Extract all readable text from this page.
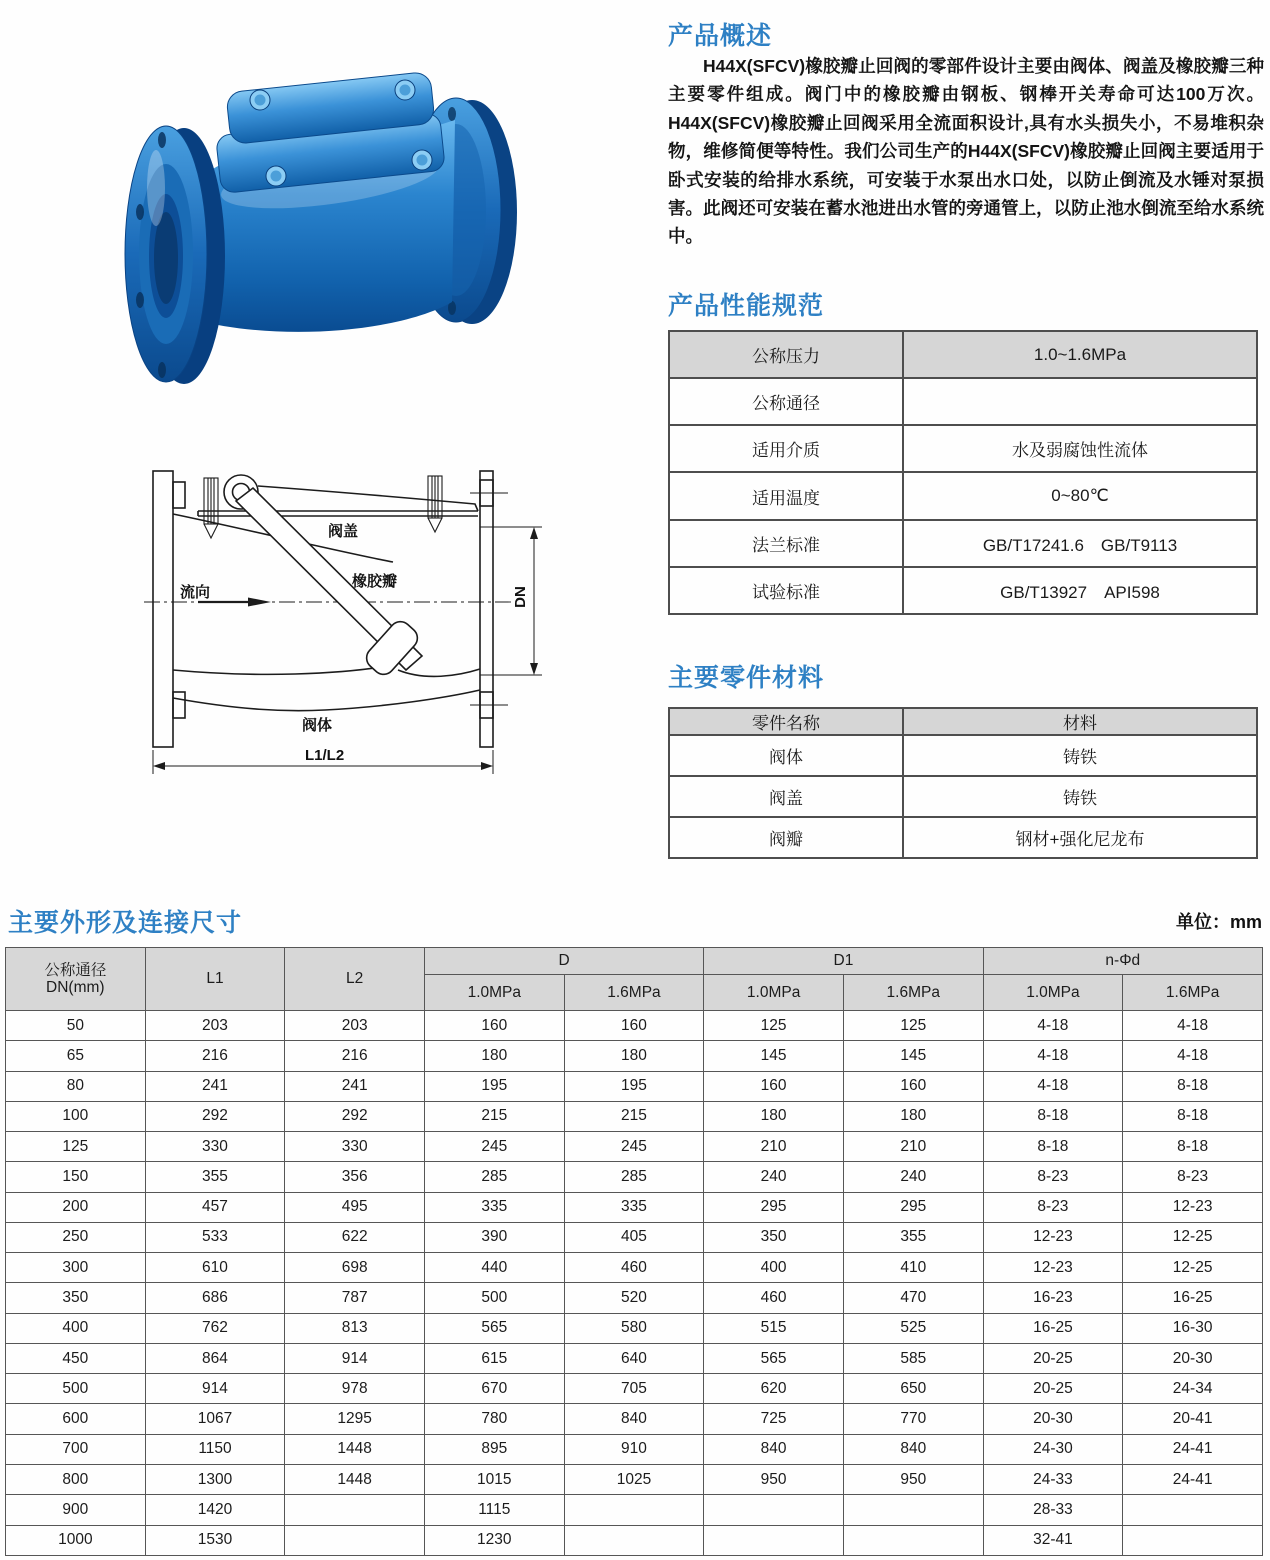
产品概述

H44X(SFCV)橡胶瓣止回阀的零部件设计主要由阀体、阀盖及橡胶瓣三种主要零件组成。阀门中的橡胶瓣由钢板、钢棒开关寿命可达100万次。H44X(SFCV)橡胶瓣止回阀采用全流面积设计,具有水头损失小，不易堆积杂物，维修简便等特性。我们公司生产的H44X(SFCV)橡胶瓣止回阀主要适用于卧式安装的给排水系统，可安装于水泵出水口处，以防止倒流及水锤对泵损害。此阀还可安装在蓄水池进出水管的旁通管上，以防止池水倒流至给水系统中。

产品性能规范
公称压力	1.0~1.6MPa
公称通径	
适用介质	水及弱腐蚀性流体
适用温度	0~80℃
法兰标准	GB/T17241.6　GB/T9113
试验标准	GB/T13927　API598
阀盖
橡胶瓣
流向
阀体
L1/L2
DN
主要零件材料
零件名称	材料
阀体	铸铁
阀盖	铸铁
阀瓣	钢材+强化尼龙布
主要外形及连接尺寸	单位：mm
公称通径
DN(mm)	L1	L2	D		D1		n-Φd	
			1.0MPa	1.6MPa	1.0MPa	1.6MPa	1.0MPa	1.6MPa
50	203	203	160	160	125	125	4-18	4-18
65	216	216	180	180	145	145	4-18	4-18
80	241	241	195	195	160	160	4-18	8-18
100	292	292	215	215	180	180	8-18	8-18
125	330	330	245	245	210	210	8-18	8-18
150	355	356	285	285	240	240	8-23	8-23
200	457	495	335	335	295	295	8-23	12-23
250	533	622	390	405	350	355	12-23	12-25
300	610	698	440	460	400	410	12-23	12-25
350	686	787	500	520	460	470	16-23	16-25
400	762	813	565	580	515	525	16-25	16-30
450	864	914	615	640	565	585	20-25	20-30
500	914	978	670	705	620	650	20-25	24-34
600	1067	1295	780	840	725	770	20-30	20-41
700	1150	1448	895	910	840	840	24-30	24-41
800	1300	1448	1015	1025	950	950	24-33	24-41
900	1420		1115				28-33	
1000	1530		1230				32-41	
